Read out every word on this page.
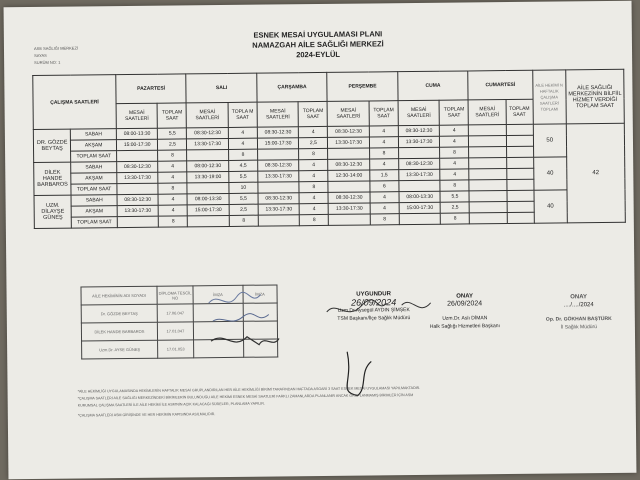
ASE SAĞLIĞI MERKEZİ
SAYAS
SURÜM NO: 1
ESNEK MESAİ UYGULAMASI PLANI
NAMAZGAH AİLE SAĞLIĞI MERKEZİ
2024-EYLÜL
ÇALIŞMA SAATLERİ		PAZARTESİ		SALI		ÇARŞAMBA		PERŞEMBE		CUMA		CUMARTESİ		AİLE HEKİMİ N HAFTALIK ÇALIŞMA SAATLERİ TOPLAMI	AİLE SAĞLIĞI MERKEZİNİN BİLFİİL HİZMET VERDİĞİ TOPLAM SAAT
		MESAİ SAATLERİ	TOPLAM SAAT	MESAİ SAATLERİ	TOPLA M SAAT	MESAİ SAATLERİ	TOPLAM SAAT	MESAİ SAATLERİ	TOPLAM SAAT	MESAİ SAATLERİ	TOPLAM SAAT	MESAİ SAATLERİ	TOPLAM SAAT		
DR. GÖZDE BEYTAŞ	SABAH	08:00-13:30	5,5	08:30-12:30	4	08:30-12:30	4	08:30-12:30	4	08:30-12:30	4			50	42
	AKŞAM	15:00-17:30	2,5	13:30-17:30	4	15:00-17:30	2,5	13:30-17:30	4	13:30-17:30	4				
	TOPLAM SAAT		8		8		8		8		8				
DİLEK HANDE BARBAROS	SABAH	08:30-12:30	4	08:00-12:30	4,5	08:30-12:30	4	08:30-12:30	4	08:30-12:30	4			40	
	AKŞAM	13:30-17:30	4	13:30-19:00	5,5	13:30-17:30	4	12:30-14:00	1,5	13:30-17:30	4				
	TOPLAM SAAT		8		10		8		6		8				
UZM. DİLAYŞE GÜNEŞ	SABAH	08:30-12:30	4	08:00-13:30	5,5	08:30-12:30	4	08:30-12:30	4	08:00-13:30	5,5			40	
	AKŞAM	13:30-17:30	4	15:00-17:30	2,5	13:30-17:30	4	13:30-17:30	4	15:00-17:30	2,5				
	TOPLAM SAAT		8		8		8		8		8				
AİLE HEKİMİNİN ADI SOYADI	DİPLOMA TESCİL NO	İMZA	İMZA
Dr. GÖZDE BEYTAŞ	17.06.047		
DİLEK HANDE BARBAROS	17.01.047		
Uzm.Dr. AYSE GÜNEŞ	17.01.053		
UYGUNDUR
26/09/2024
Uzm.Dr.Aysegül AYDIN ŞİMŞEK
TSM Başkanı/İlçe Sağlık Müdürü
ONAY
26/09/2024
Uzm.Dr. Aslı DİMAN
Halk Sağlığı Hizmetleri Başkanı
ONAY
..../..../2024
Op. Dr. GÖKHAN BAŞTÜRK
İl Sağlık Müdürü
*AİLE HEKİMLİĞİ UYGULAMASINDA HEKİMLERİN HAFTALIK MESAİ GRUPLANDIRILAN HER AİLE HEKİMLİĞİ BİRİMİ TARAFINDAN HAFTADA ASGARİ 3 SAAT ESNEK MESAİ UYGULAMASI YAPILMAKTADIR.
*ÇALIŞMA SAATLERİ AİLE SAĞLIĞI MERKEZİNDEKİ BİRİMLERİN BULUNDUĞU AİLE HEKİMİ ESNEK MESAİ SAATLERİ FARKLI ZAMANLARDA PLANLANIR ANCAK GRUPLANMAMIŞ BİRİMLER İÇİN ASM
KURUMSAL ÇALIŞMA SAATLERİ İLE AİLE HEKİMİ İLE ASM'NİN AÇIK KALACAĞI SÜRELER, PLANLAMA YAPILIR.
*ÇALIŞMA SAATLERİ ASM GİRİŞİNDE VE HER HEKİMİN KAPISINDA ASILMALIDIR.
